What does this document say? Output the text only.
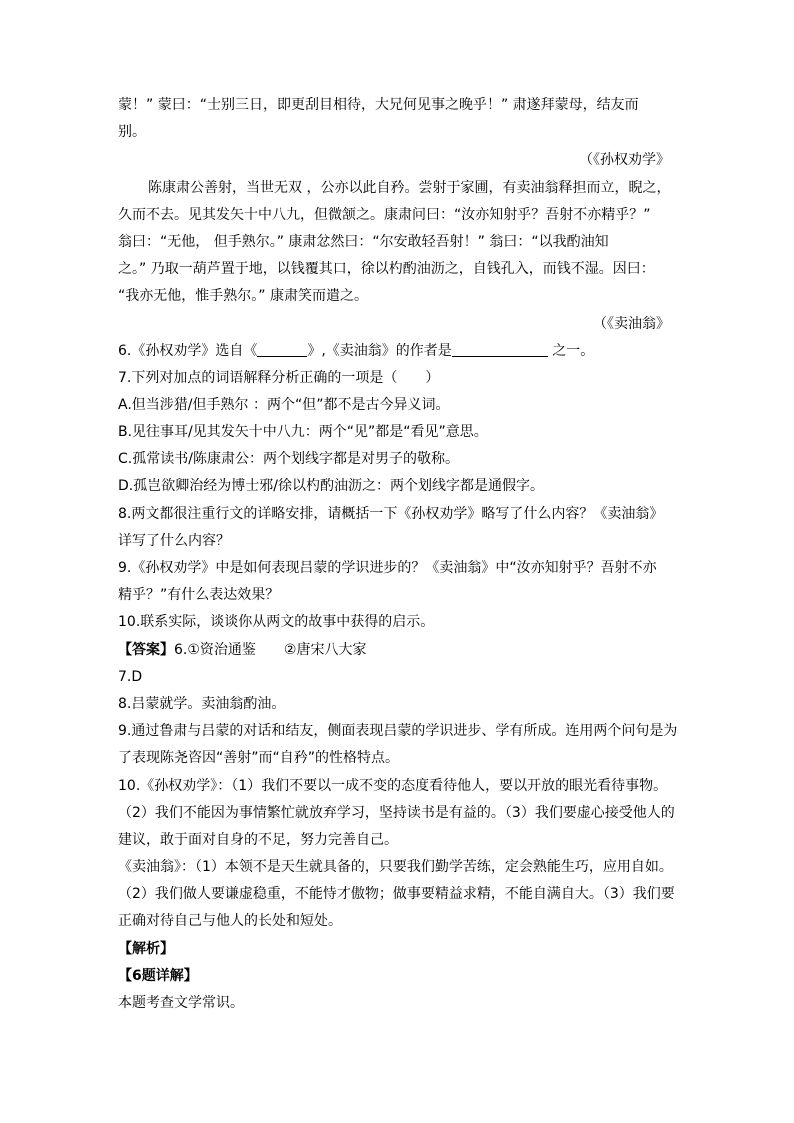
蒙！” 蒙曰：“士别三日，即更刮目相待，大兄何见事之晚乎！” 肃遂拜蒙母，结友而
别。
（《孙权劝学》
陈康肃公善射，当世无双 ，公亦以此自矜。尝射于家圃，有卖油翁释担而立，睨之，
久而不去。见其发矢十中八九，但微颔之。康肃问曰：“汝亦知射乎？吾射不亦精乎？”
翁曰：“无他， 但手熟尔。” 康肃忿然曰：“尔安敢轻吾射！” 翁曰：“以我酌油知
之。” 乃取一葫芦置于地，以钱覆其口，徐以杓酌油沥之，自钱孔入，而钱不湿。因曰：
“我亦无他，惟手熟尔。” 康肃笑而遣之。
（《卖油翁》
6.《孙权劝学》选自《	》,《卖油翁》的作者是	之一。
7.下列对加点的词语解释分析正确的一项是（　　）
A.但当涉猎/但手熟尔 ：两个“但”都不是古今异义词。
B.见往事耳/见其发矢十中八九：两个“见”都是“看见”意思。
C.孤常读书/陈康肃公：两个划线字都是对男子的敬称。
D.孤岂欲卿治经为博士邪/徐以杓酌油沥之：两个划线字都是通假字。
8.两文都很注重行文的详略安排，请概括一下《孙权劝学》略写了什么内容？《卖油翁》
详写了什么内容？
9.《孙权劝学》中是如何表现吕蒙的学识进步的？《卖油翁》中“汝亦知射乎？吾射不亦
精乎？”有什么表达效果？
10.联系实际，谈谈你从两文的故事中获得的启示。
【答案】6.①资治通鉴　　②唐宋八大家
7.D
8.吕蒙就学。卖油翁酌油。
9.通过鲁肃与吕蒙的对话和结友，侧面表现吕蒙的学识进步、学有所成。连用两个问句是为
了表现陈尧咨因“善射”而“自矜”的性格特点。
10.《孙权劝学》：（1）我们不要以一成不变的态度看待他人，要以开放的眼光看待事物。
（2）我们不能因为事情繁忙就放弃学习，坚持读书是有益的。（3）我们要虚心接受他人的
建议，敢于面对自身的不足，努力完善自己。
《卖油翁》：（1）本领不是天生就具备的，只要我们勤学苦练，定会熟能生巧，应用自如。
（2）我们做人要谦虚稳重，不能恃才傲物；做事要精益求精，不能自满自大。（3）我们要
正确对待自己与他人的长处和短处。
【解析】
【6题详解】
本题考查文学常识。
